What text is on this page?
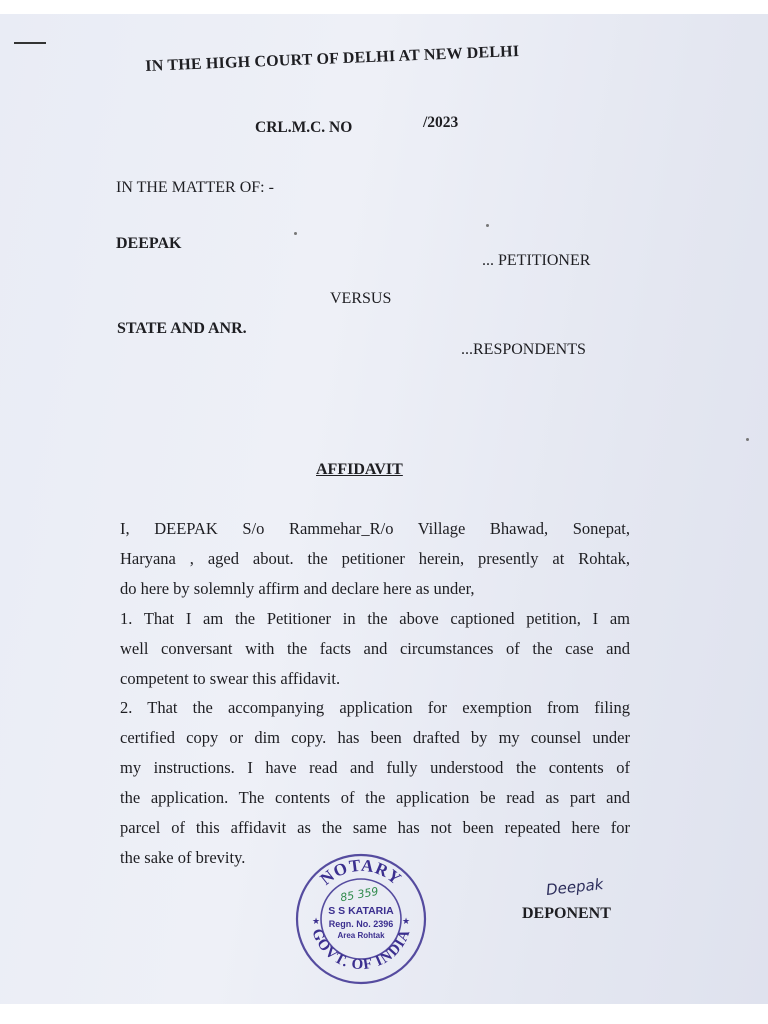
IN THE HIGH COURT OF DELHI AT NEW DELHI
CRL.M.C. NO	/2023
IN THE MATTER OF: -
DEEPAK
... PETITIONER
VERSUS
STATE AND ANR.
...RESPONDENTS
AFFIDAVIT
I, DEEPAK S/o Rammehar_R/o Village Bhawad, Sonepat,
Haryana , aged about. the petitioner herein, presently at Rohtak,
do here by solemnly affirm and declare here as under,
1. That I am the Petitioner in the above captioned petition, I am
well conversant with the facts and circumstances of the case and
competent to swear this affidavit.
2. That the accompanying application for exemption from filing
certified copy or dim copy. has been drafted by my counsel under
my instructions. I have read and fully understood the contents of
the application. The contents of the application be read as part and
parcel of this affidavit as the same has not been repeated here for
the sake of brevity.
NOTARY
GOVT. OF INDIA
★	★
85 359
S S KATARIA
Regn. No. 2396
Area Rohtak
Deepak
DEPONENT
